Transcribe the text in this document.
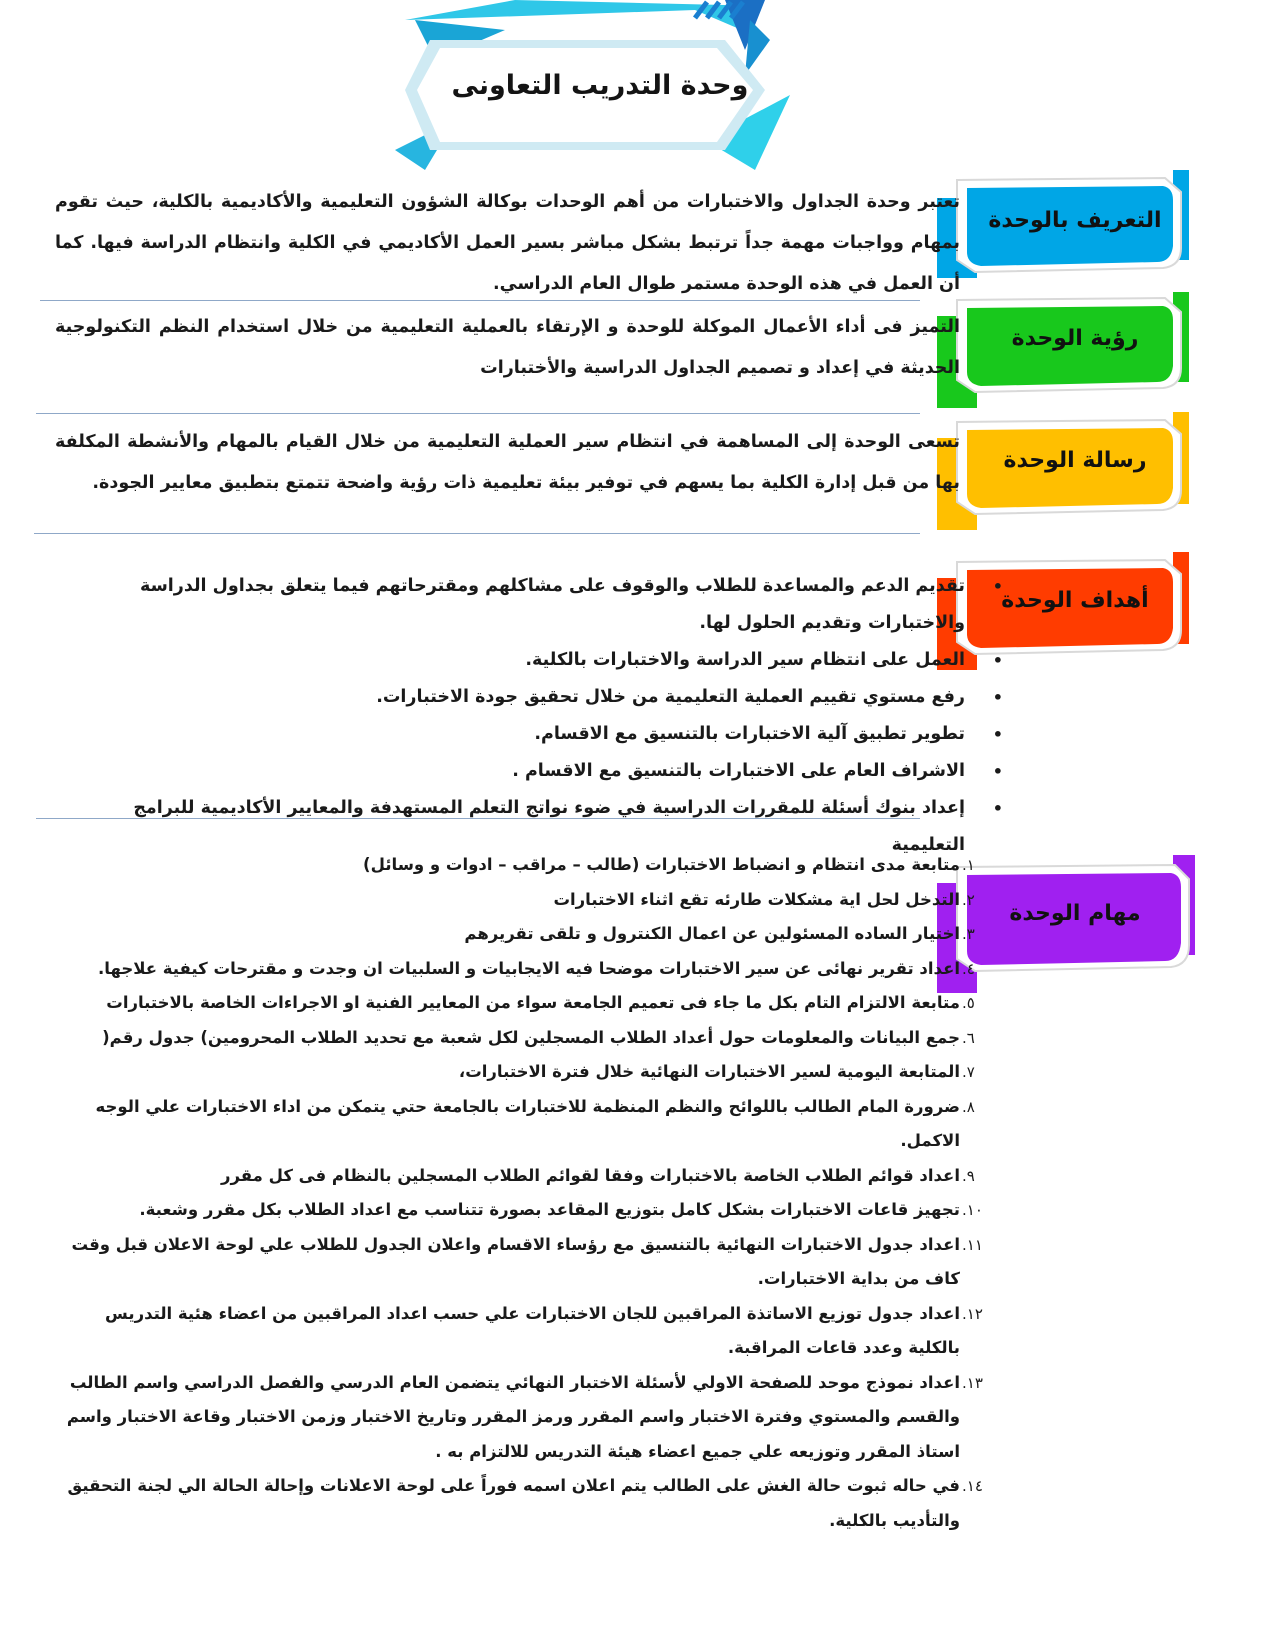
وحدة التدريب التعاونى
التعريف بالوحدة
رؤية الوحدة
رسالة الوحدة
أهداف الوحدة
مهام الوحدة
تعتبر وحدة الجداول والاختبارات من أهم الوحدات بوكالة الشؤون التعليمية والأكاديمية بالكلية، حيث تقوم بمهام وواجبات مهمة جداً ترتبط بشكل مباشر بسير العمل الأكاديمي في الكلية وانتظام الدراسة فيها. كما أن العمل في هذه الوحدة مستمر طوال العام الدراسي.
التميز فى أداء الأعمال الموكلة للوحدة و الإرتقاء بالعملية التعليمية من خلال استخدام النظم التكنولوجية الحديثة في إعداد و تصميم الجداول الدراسية والأختبارات
تسعى الوحدة إلى المساهمة في انتظام سير العملية التعليمية من خلال القيام بالمهام والأنشطة المكلفة بها من قبل إدارة الكلية بما يسهم في توفير بيئة تعليمية ذات رؤية واضحة تتمتع بتطبيق معايير الجودة.
•
تقديم الدعم والمساعدة للطلاب والوقوف على مشاكلهم ومقترحاتهم فيما يتعلق بجداول الدراسة والاختبارات وتقديم الحلول لها.
•
العمل على انتظام سير الدراسة والاختبارات بالكلية.
•
رفع مستوي تقييم العملية التعليمية من خلال تحقيق جودة الاختبارات.
•
تطوير تطبيق آلية الاختبارات بالتنسيق مع الاقسام.
•
الاشراف العام على الاختبارات بالتنسيق مع الاقسام .
•
إعداد بنوك أسئلة للمقررات الدراسية في ضوء نواتج التعلم المستهدفة والمعايير الأكاديمية للبرامج التعليمية
١.
متابعة مدى انتظام و انضباط الاختبارات (طالب – مراقب – ادوات و وسائل)
٢.
التدخل لحل اية مشكلات طارئه تقع اثناء الاختبارات
٣.
اختيار الساده المسئولين عن اعمال الكنترول و تلقى تقريرهم
٤.
اعداد تقرير نهائى عن سير الاختبارات موضحا فيه الايجابيات و السلبيات ان وجدت و مقترحات كيفية علاجها.
٥.
متابعة الالتزام التام بكل ما جاء فى تعميم الجامعة سواء من المعايير الفنية او الاجراءات الخاصة بالاختبارات
٦.
جمع البيانات والمعلومات حول أعداد الطلاب المسجلين لكل شعبة مع تحديد الطلاب المحرومين) جدول رقم(
٧.
المتابعة اليومية لسير الاختبارات النهائية خلال فترة الاختبارات،
٨.
ضرورة المام الطالب باللوائح والنظم المنظمة للاختبارات بالجامعة حتي يتمكن من اداء الاختبارات علي الوجه الاكمل.
٩.
اعداد قوائم الطلاب الخاصة بالاختبارات وفقا لقوائم الطلاب المسجلين بالنظام فى كل مقرر
١٠.
تجهيز قاعات الاختبارات بشكل كامل بتوزيع المقاعد بصورة تتناسب مع اعداد الطلاب بكل مقرر وشعبة.
١١.
اعداد جدول الاختبارات النهائية بالتنسيق مع رؤساء الاقسام واعلان الجدول للطلاب علي لوحة الاعلان قبل وقت كاف من بداية الاختبارات.
١٢.
اعداد جدول توزيع الاساتذة المراقبين للجان الاختبارات علي حسب اعداد المراقبين من اعضاء هئية التدريس بالكلية وعدد قاعات المراقبة.
١٣.
اعداد نموذج موحد للصفحة الاولي لأسئلة الاختبار النهائي يتضمن العام الدرسي والفصل الدراسي واسم الطالب والقسم والمستوي وفترة الاختبار واسم المقرر ورمز المقرر وتاريخ الاختبار وزمن الاختبار وقاعة الاختبار واسم استاذ المقرر وتوزيعه علي جميع اعضاء هيئة التدريس للالتزام به .
١٤.
في حاله ثبوت حالة الغش على الطالب يتم اعلان اسمه فوراً على لوحة الاعلانات وإحالة الحالة الي لجنة التحقيق والتأديب بالكلية.
